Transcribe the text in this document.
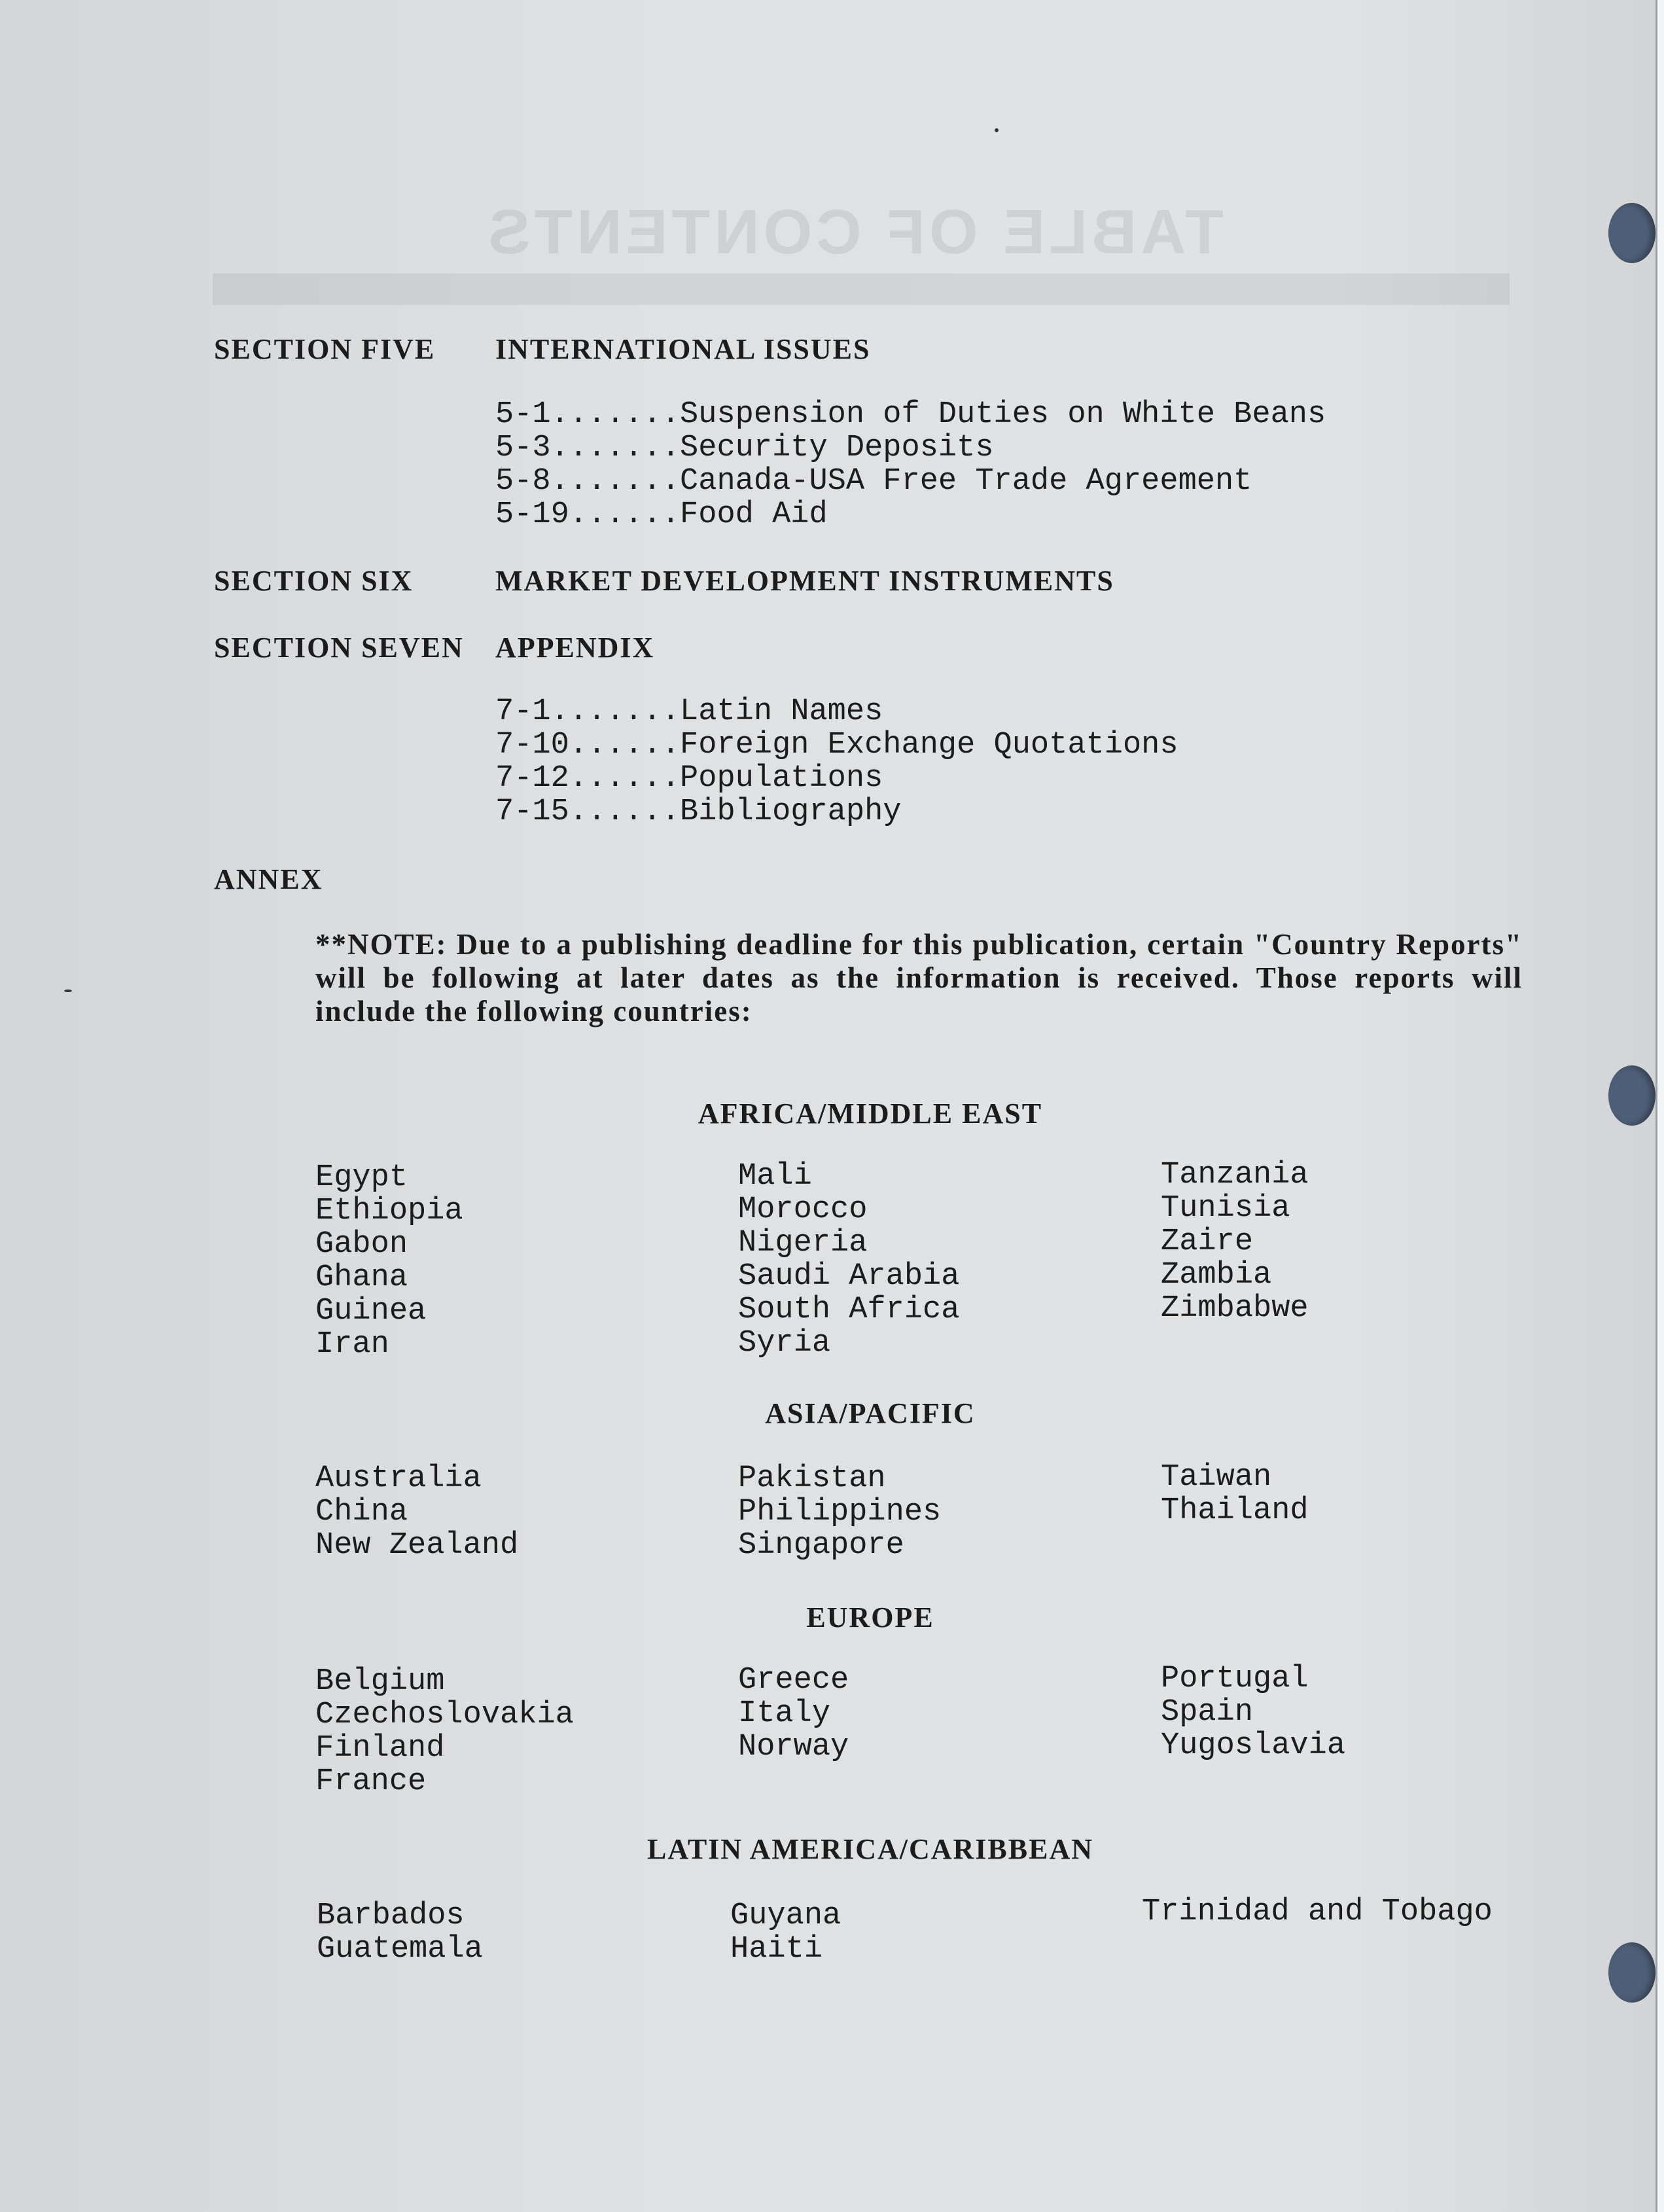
TABLE OF CONTENTS
SECTION FIVE INTERNATIONAL ISSUES
5-1.......Suspension of Duties on White Beans
5-3.......Security Deposits
5-8.......Canada-USA Free Trade Agreement
5-19......Food Aid
SECTION SIX	MARKET DEVELOPMENT INSTRUMENTS
SECTION SEVEN APPENDIX
7-1.......Latin Names
7-10......Foreign Exchange Quotations
7-12......Populations
7-15......Bibliography
ANNEX
**NOTE: Due to a publishing deadline for this publication, certain "Country Reports" will be following at later dates as the information is received. Those reports will include the following countries:
AFRICA/MIDDLE EAST
Egypt
Ethiopia
Gabon
Ghana
Guinea
Iran
Mali
Morocco
Nigeria
Saudi Arabia
South Africa
Syria
Tanzania
Tunisia
Zaire
Zambia
Zimbabwe
ASIA/PACIFIC
Australia
China
New Zealand
Pakistan
Philippines
Singapore
Taiwan
Thailand
EUROPE
Belgium
Czechoslovakia
Finland
France
Greece
Italy
Norway
Portugal
Spain
Yugoslavia
LATIN AMERICA/CARIBBEAN
Barbados
Guatemala
Guyana
Haiti
Trinidad and Tobago
